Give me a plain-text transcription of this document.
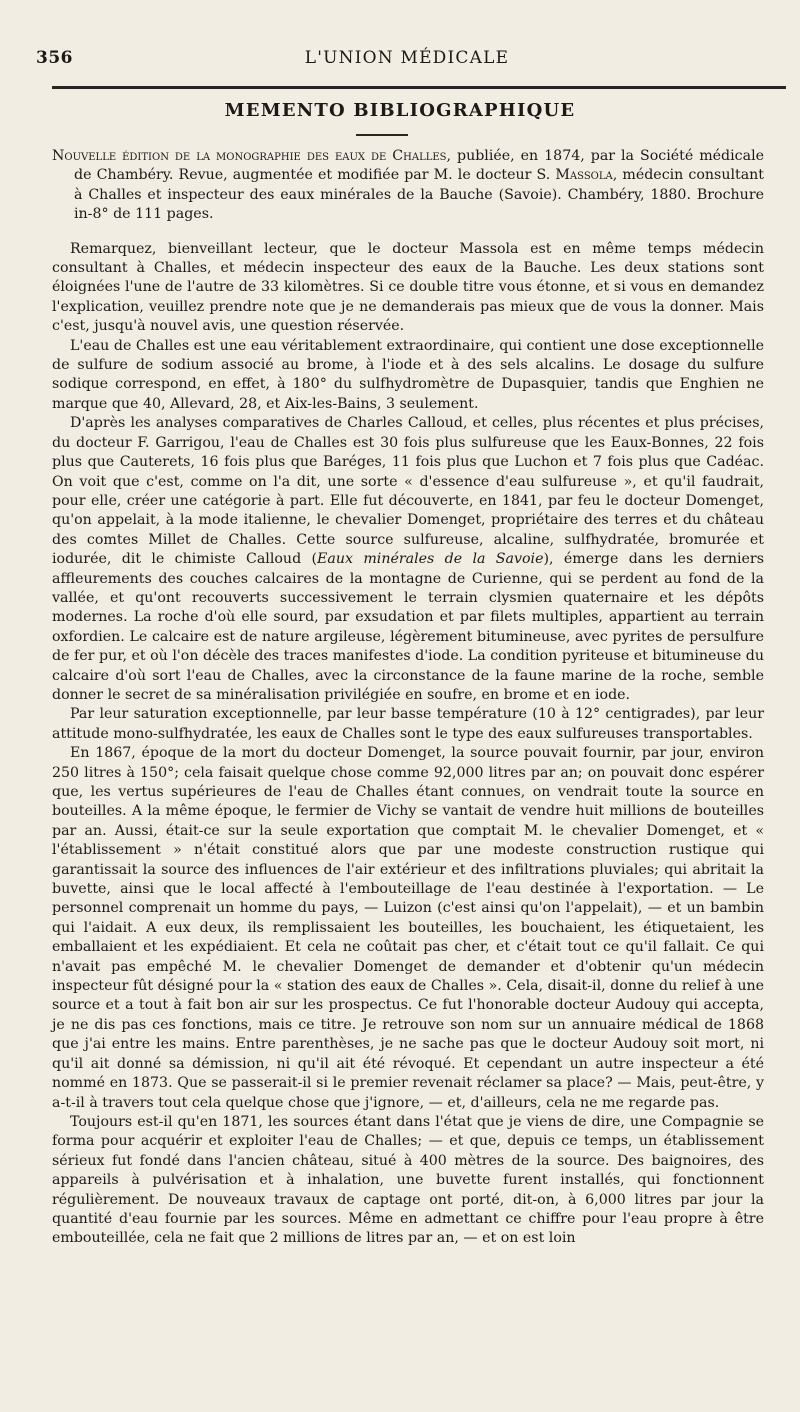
356	L'UNION MÉDICALE
MEMENTO BIBLIOGRAPHIQUE

Nouvelle édition de la monographie des eaux de Challes, publiée, en 1874, par la Société médicale de Chambéry. Revue, augmentée et modifiée par M. le docteur S. Massola, médecin consultant à Challes et inspecteur des eaux minérales de la Bauche (Savoie). Chambéry, 1880. Brochure in-8° de 111 pages.

Remarquez, bienveillant lecteur, que le docteur Massola est en même temps médecin consultant à Challes, et médecin inspecteur des eaux de la Bauche. Les deux stations sont éloignées l'une de l'autre de 33 kilomètres. Si ce double titre vous étonne, et si vous en demandez l'explication, veuillez prendre note que je ne demanderais pas mieux que de vous la donner. Mais c'est, jusqu'à nouvel avis, une question réservée.

L'eau de Challes est une eau véritablement extraordinaire, qui contient une dose exceptionnelle de sulfure de sodium associé au brome, à l'iode et à des sels alcalins. Le dosage du sulfure sodique correspond, en effet, à 180° du sulfhydromètre de Dupasquier, tandis que Enghien ne marque que 40, Allevard, 28, et Aix-les-Bains, 3 seulement.

D'après les analyses comparatives de Charles Calloud, et celles, plus récentes et plus précises, du docteur F. Garrigou, l'eau de Challes est 30 fois plus sulfureuse que les Eaux-Bonnes, 22 fois plus que Cauterets, 16 fois plus que Baréges, 11 fois plus que Luchon et 7 fois plus que Cadéac. On voit que c'est, comme on l'a dit, une sorte « d'essence d'eau sulfureuse », et qu'il faudrait, pour elle, créer une catégorie à part. Elle fut découverte, en 1841, par feu le docteur Domenget, qu'on appelait, à la mode italienne, le chevalier Domenget, propriétaire des terres et du château des comtes Millet de Challes. Cette source sulfureuse, alcaline, sulfhydratée, bromurée et iodurée, dit le chimiste Calloud (Eaux minérales de la Savoie), émerge dans les derniers affleurements des couches calcaires de la montagne de Curienne, qui se perdent au fond de la vallée, et qu'ont recouverts successivement le terrain clysmien quaternaire et les dépôts modernes. La roche d'où elle sourd, par exsudation et par filets multiples, appartient au terrain oxfordien. Le calcaire est de nature argileuse, légèrement bitumineuse, avec pyrites de persulfure de fer pur, et où l'on décèle des traces manifestes d'iode. La condition pyriteuse et bitumineuse du calcaire d'où sort l'eau de Challes, avec la circonstance de la faune marine de la roche, semble donner le secret de sa minéralisation privilégiée en soufre, en brome et en iode.

Par leur saturation exceptionnelle, par leur basse température (10 à 12° centigrades), par leur attitude mono-sulfhydratée, les eaux de Challes sont le type des eaux sulfureuses transportables.

En 1867, époque de la mort du docteur Domenget, la source pouvait fournir, par jour, environ 250 litres à 150°; cela faisait quelque chose comme 92,000 litres par an; on pouvait donc espérer que, les vertus supérieures de l'eau de Challes étant connues, on vendrait toute la source en bouteilles. A la même époque, le fermier de Vichy se vantait de vendre huit millions de bouteilles par an. Aussi, était-ce sur la seule exportation que comptait M. le chevalier Domenget, et « l'établissement » n'était constitué alors que par une modeste construction rustique qui garantissait la source des influences de l'air extérieur et des infiltrations pluviales; qui abritait la buvette, ainsi que le local affecté à l'embouteillage de l'eau destinée à l'exportation. — Le personnel comprenait un homme du pays, — Luizon (c'est ainsi qu'on l'appelait), — et un bambin qui l'aidait. A eux deux, ils remplissaient les bouteilles, les bouchaient, les étiquetaient, les emballaient et les expédiaient. Et cela ne coûtait pas cher, et c'était tout ce qu'il fallait. Ce qui n'avait pas empêché M. le chevalier Domenget de demander et d'obtenir qu'un médecin inspecteur fût désigné pour la « station des eaux de Challes ». Cela, disait-il, donne du relief à une source et a tout à fait bon air sur les prospectus. Ce fut l'honorable docteur Audouy qui accepta, je ne dis pas ces fonctions, mais ce titre. Je retrouve son nom sur un annuaire médical de 1868 que j'ai entre les mains. Entre parenthèses, je ne sache pas que le docteur Audouy soit mort, ni qu'il ait donné sa démission, ni qu'il ait été révoqué. Et cependant un autre inspecteur a été nommé en 1873. Que se passerait-il si le premier revenait réclamer sa place? — Mais, peut-être, y a-t-il à travers tout cela quelque chose que j'ignore, — et, d'ailleurs, cela ne me regarde pas.

Toujours est-il qu'en 1871, les sources étant dans l'état que je viens de dire, une Compagnie se forma pour acquérir et exploiter l'eau de Challes; — et que, depuis ce temps, un établissement sérieux fut fondé dans l'ancien château, situé à 400 mètres de la source. Des baignoires, des appareils à pulvérisation et à inhalation, une buvette furent installés, qui fonctionnent régulièrement. De nouveaux travaux de captage ont porté, dit-on, à 6,000 litres par jour la quantité d'eau fournie par les sources. Même en admettant ce chiffre pour l'eau propre à être embouteillée, cela ne fait que 2 millions de litres par an, — et on est loin
